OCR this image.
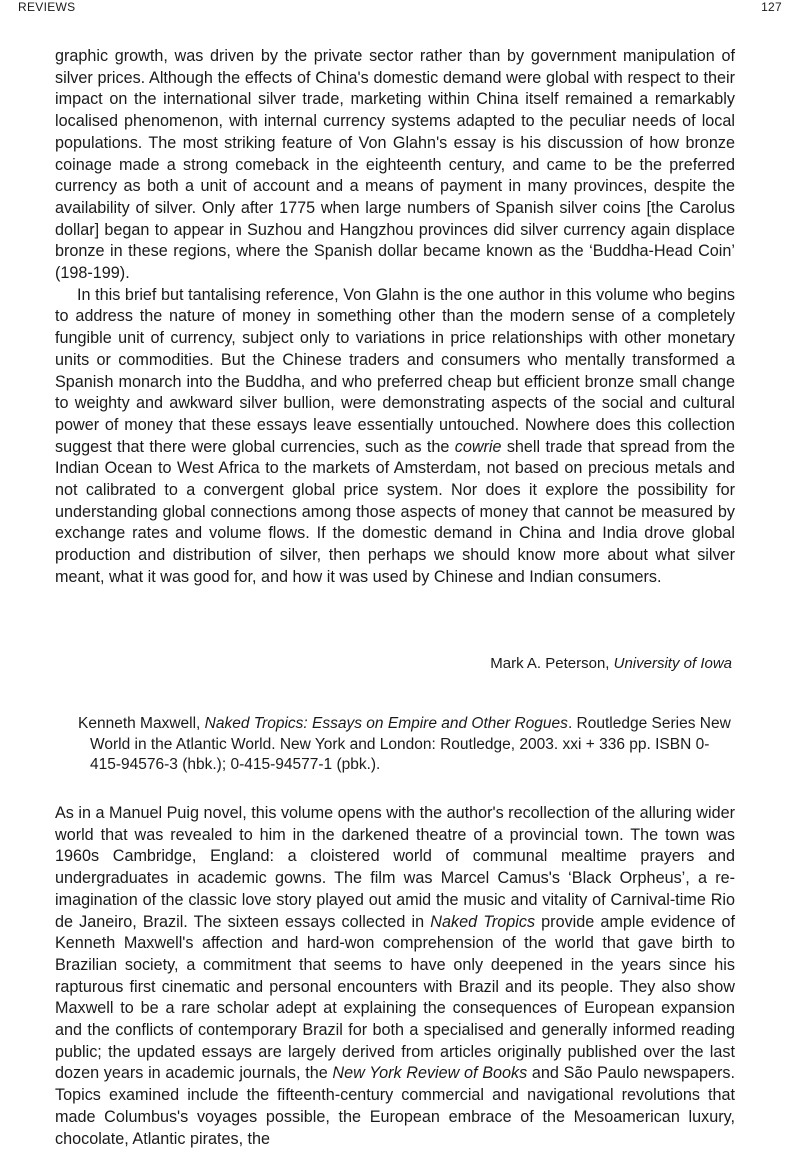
REVIEWS	127

graphic growth, was driven by the private sector rather than by government manipulation of silver prices. Although the effects of China's domestic demand were global with respect to their impact on the international silver trade, marketing within China itself remained a remarkably localised phenomenon, with internal currency systems adapted to the peculiar needs of local populations. The most striking feature of Von Glahn's essay is his discussion of how bronze coinage made a strong comeback in the eighteenth century, and came to be the preferred currency as both a unit of account and a means of payment in many provinces, despite the availability of silver. Only after 1775 when large numbers of Spanish silver coins [the Carolus dollar] began to appear in Suzhou and Hangzhou provinces did silver currency again displace bronze in these regions, where the Spanish dollar became known as the ‘Buddha-Head Coin’ (198-199).

In this brief but tantalising reference, Von Glahn is the one author in this volume who begins to address the nature of money in something other than the modern sense of a completely fungible unit of currency, subject only to variations in price relationships with other monetary units or commodities. But the Chinese traders and consumers who mentally transformed a Spanish monarch into the Buddha, and who preferred cheap but efficient bronze small change to weighty and awkward silver bullion, were demonstrating aspects of the social and cultural power of money that these essays leave essentially untouched. Nowhere does this collection suggest that there were global currencies, such as the cowrie shell trade that spread from the Indian Ocean to West Africa to the markets of Amsterdam, not based on precious metals and not calibrated to a convergent global price system. Nor does it explore the possibility for understanding global connections among those aspects of money that cannot be measured by exchange rates and volume flows. If the domestic demand in China and India drove global production and distribution of silver, then perhaps we should know more about what silver meant, what it was good for, and how it was used by Chinese and Indian consumers.

Mark A. Peterson, University of Iowa
Kenneth Maxwell, Naked Tropics: Essays on Empire and Other Rogues. Routledge Series New World in the Atlantic World. New York and London: Routledge, 2003. xxi + 336 pp. ISBN 0-415-94576-3 (hbk.); 0-415-94577-1 (pbk.).

As in a Manuel Puig novel, this volume opens with the author's recollection of the alluring wider world that was revealed to him in the darkened theatre of a provincial town. The town was 1960s Cambridge, England: a cloistered world of communal mealtime prayers and undergraduates in academic gowns. The film was Marcel Camus's ‘Black Orpheus’, a re-imagination of the classic love story played out amid the music and vitality of Carnival-time Rio de Janeiro, Brazil. The sixteen essays collected in Naked Tropics provide ample evidence of Kenneth Maxwell's affection and hard-won comprehension of the world that gave birth to Brazilian society, a commitment that seems to have only deepened in the years since his rapturous first cinematic and personal encounters with Brazil and its people. They also show Maxwell to be a rare scholar adept at explaining the consequences of European expansion and the conflicts of contemporary Brazil for both a specialised and generally informed reading public; the updated essays are largely derived from articles originally published over the last dozen years in academic journals, the New York Review of Books and São Paulo newspapers. Topics examined include the fifteenth-century commercial and navigational revolutions that made Columbus's voyages possible, the European embrace of the Mesoamerican luxury, chocolate, Atlantic pirates, the
